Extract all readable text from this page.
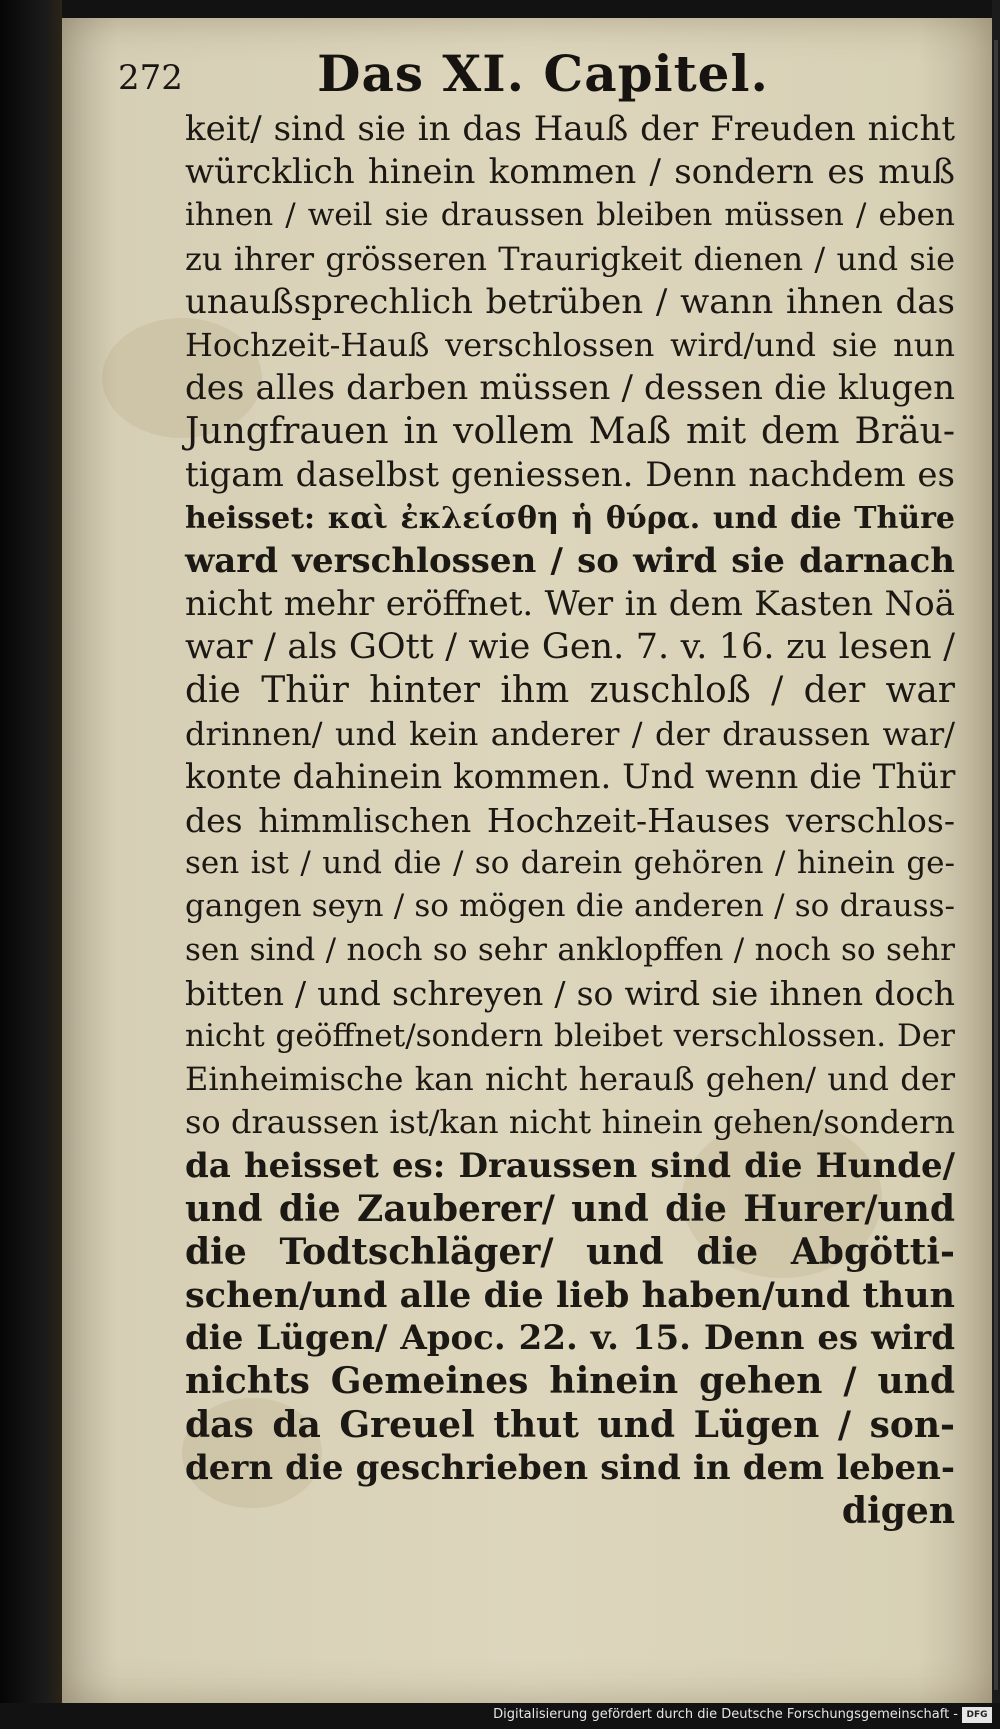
272	Das XI. Capitel.
keit/ sind sie in das Hauß der Freuden nicht
würcklich hinein kommen / sondern es muß
ihnen / weil sie draussen bleiben müssen / eben
zu ihrer grösseren Traurigkeit dienen / und sie
unaußsprechlich betrüben / wann ihnen das
Hochzeit-Hauß verschlossen wird/und sie nun
des alles darben müssen / dessen die klugen
Jungfrauen in vollem Maß mit dem Bräu-
tigam daselbst geniessen. Denn nachdem es
heisset: καὶ ἐκλείσθη ἡ θύρα. und die Thüre
ward verschlossen / so wird sie darnach
nicht mehr eröffnet. Wer in dem Kasten Noä
war / als GOtt / wie Gen. 7. v. 16. zu lesen /
die Thür hinter ihm zuschloß / der war
drinnen/ und kein anderer / der draussen war/
konte dahinein kommen. Und wenn die Thür
des himmlischen Hochzeit-Hauses verschlos-
sen ist / und die / so darein gehören / hinein ge-
gangen seyn / so mögen die anderen / so drauss-
sen sind / noch so sehr anklopffen / noch so sehr
bitten / und schreyen / so wird sie ihnen doch
nicht geöffnet/sondern bleibet verschlossen. Der
Einheimische kan nicht herauß gehen/ und der
so draussen ist/kan nicht hinein gehen/sondern
da heisset es: Draussen sind die Hunde/
und die Zauberer/ und die Hurer/und
die Todtschläger/ und die Abgötti-
schen/und alle die lieb haben/und thun
die Lügen/ Apoc. 22. v. 15. Denn es wird
nichts Gemeines hinein gehen / und
das da Greuel thut und Lügen / son-
dern die geschrieben sind in dem leben-
digen
Digitalisierung gefördert durch die Deutsche Forschungsgemeinschaft - DFG
